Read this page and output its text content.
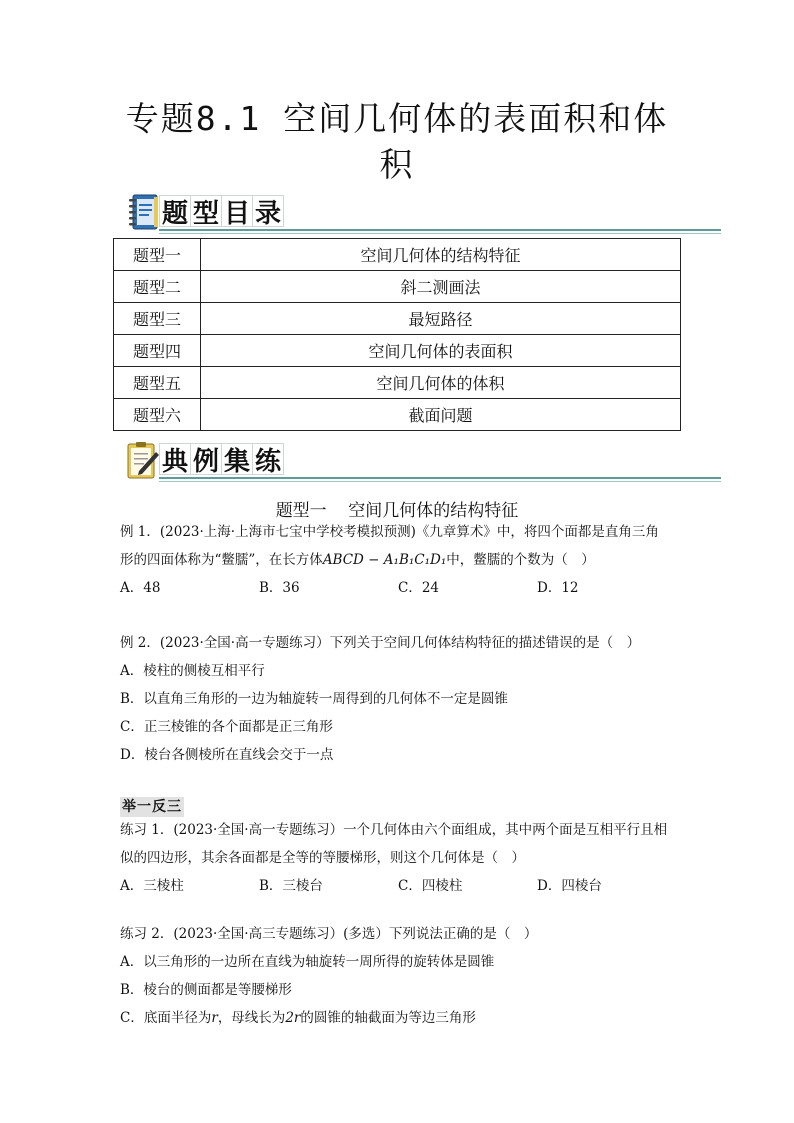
专题8.1 空间几何体的表面积和体
积
题 型 目 录
题型一	空间几何体的结构特征
题型二	斜二测画法
题型三	最短路径
题型四	空间几何体的表面积
题型五	空间几何体的体积
题型六	截面问题
典 例 集 练
题型一    空间几何体的结构特征
例 1．(2023·上海·上海市七宝中学校考模拟预测)《九章算术》中，将四个面都是直角三角
形的四面体称为“鳖臑”，在长方体ABCD − A₁B₁C₁D₁中，鳖臑的个数为（　）
A．48	B．36	C．24	D．12
例 2．(2023·全国·高一专题练习）下列关于空间几何体结构特征的描述错误的是（　）
A．棱柱的侧棱互相平行
B．以直角三角形的一边为轴旋转一周得到的几何体不一定是圆锥
C．正三棱锥的各个面都是正三角形
D．棱台各侧棱所在直线会交于一点
举一反三
练习 1．(2023·全国·高一专题练习）一个几何体由六个面组成，其中两个面是互相平行且相
似的四边形，其余各面都是全等的等腰梯形，则这个几何体是（　）
A．三棱柱	B．三棱台	C．四棱柱	D．四棱台
练习 2．(2023·全国·高三专题练习）(多选）下列说法正确的是（　）
A．以三角形的一边所在直线为轴旋转一周所得的旋转体是圆锥
B．棱台的侧面都是等腰梯形
C．底面半径为r，母线长为2r的圆锥的轴截面为等边三角形
